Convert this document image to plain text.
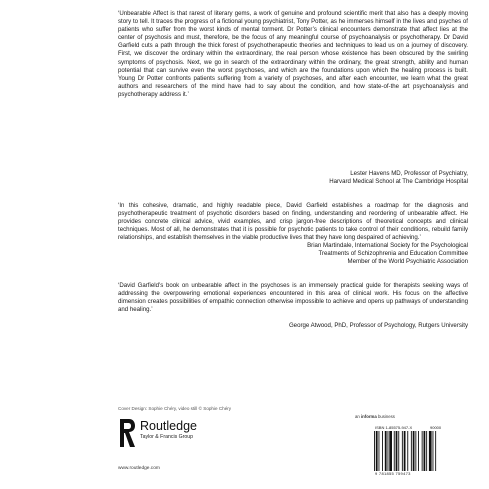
‘Unbearable Affect is that rarest of literary gems, a work of genuine and profound scientific merit that also has a deeply moving story to tell. It traces the progress of a fictional young psychiatrist, Tony Potter, as he immerses himself in the lives and psyches of patients who suffer from the worst kinds of mental torment. Dr Potter’s clinical encounters demonstrate that affect lies at the center of psychosis and must, therefore, be the focus of any meaningful course of psychoanalysis or psychotherapy. Dr David Garfield cuts a path through the thick forest of psychotherapeutic theories and techniques to lead us on a journey of discovery. First, we discover the ordinary within the extraordinary, the real person whose existence has been obscured by the swirling symptoms of psychosis. Next, we go in search of the extraordinary within the ordinary, the great strength, ability and human potential that can survive even the worst psychoses, and which are the foundations upon which the healing process is built. Young Dr Potter confronts patients suffering from a variety of psychoses, and after each encounter, we learn what the great authors and researchers of the mind have had to say about the condition, and how state-of-the art psychoanalysis and psychotherapy address it.’

Lester Havens MD, Professor of Psychiatry,
Harvard Medical School at The Cambridge Hospital

‘In this cohesive, dramatic, and highly readable piece, David Garfield establishes a roadmap for the diagnosis and psychotherapeutic treatment of psychotic disorders based on finding, understanding and reordering of unbearable affect. He provides concrete clinical advice, vivid examples, and crisp jargon-free descriptions of theoretical concepts and clinical techniques. Most of all, he demonstrates that it is possible for psychotic patients to take control of their conditions, rebuild family relationships, and establish themselves in the viable productive lives that they have long despaired of achieving.’

Brian Martindale, International Society for the Psychological
Treatments of Schizophrenia and Education Committee
Member of the World Psychiatric Association

‘David Garfield’s book on unbearable affect in the psychoses is an immensely practical guide for therapists seeking ways of addressing the overpowering emotional experiences encountered in this area of clinical work. His focus on the affective dimension creates possibilities of empathic connection otherwise impossible to achieve and opens up pathways of understanding and healing.’

George Atwood, PhD, Professor of Psychology, Rutgers University
Cover Design: Sophie Chéry, video still © Sophie Chéry
an informa business
Routledge
Taylor & Francis Group
www.routledge.com
ISBN 1-85575-947-X	90000
9 781855 759473
